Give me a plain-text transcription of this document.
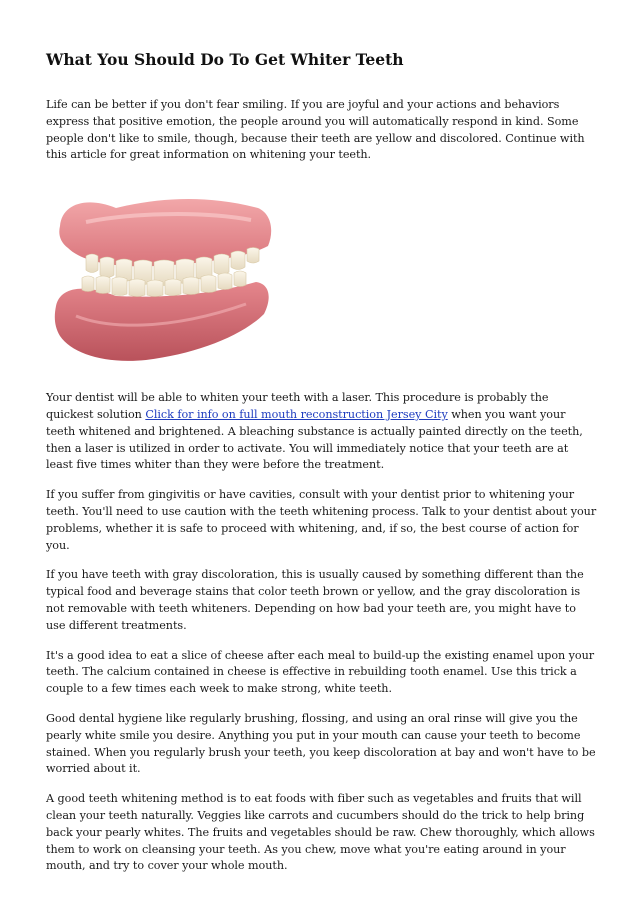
What You Should Do To Get Whiter Teeth

Life can be better if you don't fear smiling. If you are joyful and your actions and behaviors express that positive emotion, the people around you will automatically respond in kind. Some people don't like to smile, though, because their teeth are yellow and discolored. Continue with this article for great information on whitening your teeth.

Your dentist will be able to whiten your teeth with a laser. This procedure is probably the quickest solution Click for info on full mouth reconstruction Jersey City when you want your teeth whitened and brightened. A bleaching substance is actually painted directly on the teeth, then a laser is utilized in order to activate. You will immediately notice that your teeth are at least five times whiter than they were before the treatment.

If you suffer from gingivitis or have cavities, consult with your dentist prior to whitening your teeth. You'll need to use caution with the teeth whitening process. Talk to your dentist about your problems, whether it is safe to proceed with whitening, and, if so, the best course of action for you.

If you have teeth with gray discoloration, this is usually caused by something different than the typical food and beverage stains that color teeth brown or yellow, and the gray discoloration is not removable with teeth whiteners. Depending on how bad your teeth are, you might have to use different treatments.

It's a good idea to eat a slice of cheese after each meal to build-up the existing enamel upon your teeth. The calcium contained in cheese is effective in rebuilding tooth enamel. Use this trick a couple to a few times each week to make strong, white teeth.

Good dental hygiene like regularly brushing, flossing, and using an oral rinse will give you the pearly white smile you desire. Anything you put in your mouth can cause your teeth to become stained. When you regularly brush your teeth, you keep discoloration at bay and won't have to be worried about it.

A good teeth whitening method is to eat foods with fiber such as vegetables and fruits that will clean your teeth naturally. Veggies like carrots and cucumbers should do the trick to help bring back your pearly whites. The fruits and vegetables should be raw. Chew thoroughly, which allows them to work on cleansing your teeth. As you chew, move what you're eating around in your mouth, and try to cover your whole mouth.
